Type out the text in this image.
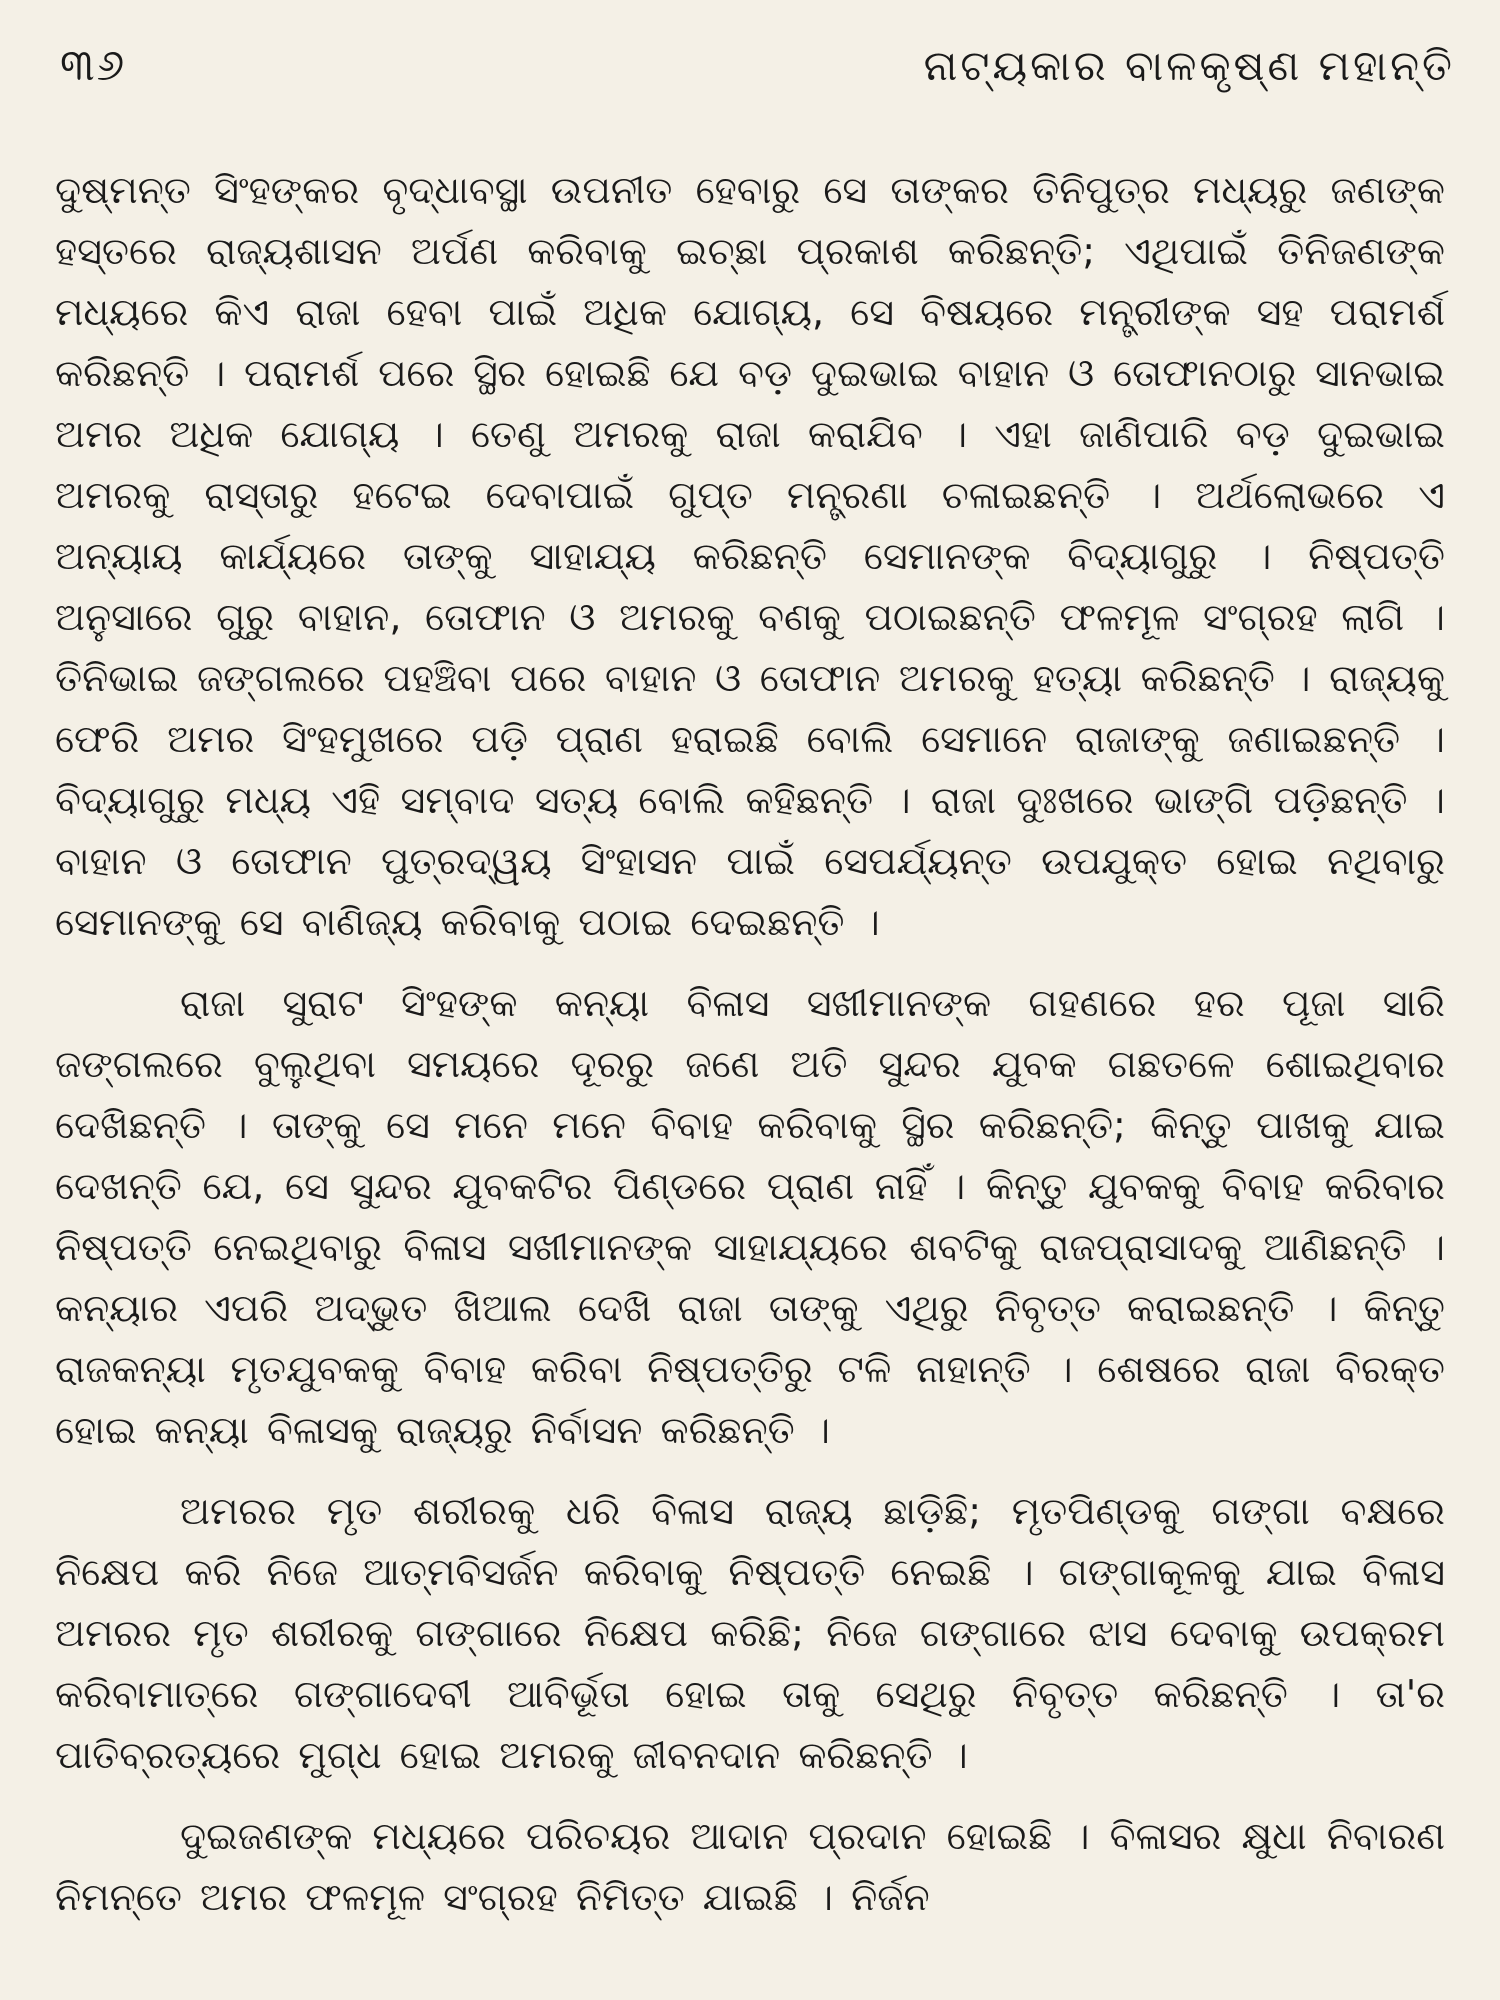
୩୬	ନାଟ୍ୟକାର ବାଳକୃଷ୍ଣ ମହାନ୍ତି

ଦୁଷ୍ମନ୍ତ ସିଂହଙ୍କର ବୃଦ୍ଧାବସ୍ଥା ଉପନୀତ ହେବାରୁ ସେ ତାଙ୍କର ତିନିପୁତ୍ର ମଧ୍ୟରୁ ଜଣଙ୍କ ହସ୍ତରେ ରାଜ୍ୟଶାସନ ଅର୍ପଣ କରିବାକୁ ଇଚ୍ଛା ପ୍ରକାଶ କରିଛନ୍ତି; ଏଥିପାଇଁ ତିନିଜଣଙ୍କ ମଧ୍ୟରେ କିଏ ରାଜା ହେବା ପାଇଁ ଅଧିକ ଯୋଗ୍ୟ, ସେ ବିଷୟରେ ମନ୍ତ୍ରୀଙ୍କ ସହ ପରାମର୍ଶ କରିଛନ୍ତି । ପରାମର୍ଶ ପରେ ସ୍ଥିର ହୋଇଛି ଯେ ବଡ଼ ଦୁଇଭାଇ ବାହାନ ଓ ତୋଫାନଠାରୁ ସାନଭାଇ ଅମର ଅଧିକ ଯୋଗ୍ୟ । ତେଣୁ ଅମରକୁ ରାଜା କରାଯିବ । ଏହା ଜାଣିପାରି ବଡ଼ ଦୁଇଭାଇ ଅମରକୁ ରାସ୍ତାରୁ ହଟେଇ ଦେବାପାଇଁ ଗୁପ୍ତ ମନ୍ତ୍ରଣା ଚଳାଇଛନ୍ତି । ଅର୍ଥଲୋଭରେ ଏ ଅନ୍ୟାୟ କାର୍ଯ୍ୟରେ ତାଙ୍କୁ ସାହାଯ୍ୟ କରିଛନ୍ତି ସେମାନଙ୍କ ବିଦ୍ୟାଗୁରୁ । ନିଷ୍ପତ୍ତି ଅନୁସାରେ ଗୁରୁ ବାହାନ, ତୋଫାନ ଓ ଅମରକୁ ବଣକୁ ପଠାଇଛନ୍ତି ଫଳମୂଳ ସଂଗ୍ରହ ଲାଗି । ତିନିଭାଇ ଜଙ୍ଗଲରେ ପହଞ୍ଚିବା ପରେ ବାହାନ ଓ ତୋଫାନ ଅମରକୁ ହତ୍ୟା କରିଛନ୍ତି । ରାଜ୍ୟକୁ ଫେରି ଅମର ସିଂହମୁଖରେ ପଡ଼ି ପ୍ରାଣ ହରାଇଛି ବୋଲି ସେମାନେ ରାଜାଙ୍କୁ ଜଣାଇଛନ୍ତି । ବିଦ୍ୟାଗୁରୁ ମଧ୍ୟ ଏହି ସମ୍ବାଦ ସତ୍ୟ ବୋଲି କହିଛନ୍ତି । ରାଜା ଦୁଃଖରେ ଭାଙ୍ଗି ପଡ଼ିଛନ୍ତି । ବାହାନ ଓ ତୋଫାନ ପୁତ୍ରଦ୍ୱୟ ସିଂହାସନ ପାଇଁ ସେପର୍ଯ୍ୟନ୍ତ ଉପଯୁକ୍ତ ହୋଇ ନଥିବାରୁ ସେମାନଙ୍କୁ ସେ ବାଣିଜ୍ୟ କରିବାକୁ ପଠାଇ ଦେଇଛନ୍ତି ।

ରାଜା ସୁରାଟ ସିଂହଙ୍କ କନ୍ୟା ବିଳାସ ସଖୀମାନଙ୍କ ଗହଣରେ ହର ପୂଜା ସାରି ଜଙ୍ଗଲରେ ବୁଲୁଥିବା ସମୟରେ ଦୂରରୁ ଜଣେ ଅତି ସୁନ୍ଦର ଯୁବକ ଗଛତଳେ ଶୋଇଥିବାର ଦେଖିଛନ୍ତି । ତାଙ୍କୁ ସେ ମନେ ମନେ ବିବାହ କରିବାକୁ ସ୍ଥିର କରିଛନ୍ତି; କିନ୍ତୁ ପାଖକୁ ଯାଇ ଦେଖନ୍ତି ଯେ, ସେ ସୁନ୍ଦର ଯୁବକଟିର ପିଣ୍ଡରେ ପ୍ରାଣ ନାହିଁ । କିନ୍ତୁ ଯୁବକକୁ ବିବାହ କରିବାର ନିଷ୍ପତ୍ତି ନେଇଥିବାରୁ ବିଳାସ ସଖୀମାନଙ୍କ ସାହାଯ୍ୟରେ ଶବଟିକୁ ରାଜପ୍ରାସାଦକୁ ଆଣିଛନ୍ତି । କନ୍ୟାର ଏପରି ଅଦ୍ଭୁତ ଖିଆଲ ଦେଖି ରାଜା ତାଙ୍କୁ ଏଥିରୁ ନିବୃତ୍ତ କରାଇଛନ୍ତି । କିନ୍ତୁ ରାଜକନ୍ୟା ମୃତଯୁବକକୁ ବିବାହ କରିବା ନିଷ୍ପତ୍ତିରୁ ଟଳି ନାହାନ୍ତି । ଶେଷରେ ରାଜା ବିରକ୍ତ ହୋଇ କନ୍ୟା ବିଳାସକୁ ରାଜ୍ୟରୁ ନିର୍ବାସନ କରିଛନ୍ତି ।

ଅମରର ମୃତ ଶରୀରକୁ ଧରି ବିଳାସ ରାଜ୍ୟ ଛାଡ଼ିଛି; ମୃତପିଣ୍ଡକୁ ଗଙ୍ଗା ବକ୍ଷରେ ନିକ୍ଷେପ କରି ନିଜେ ଆତ୍ମବିସର୍ଜନ କରିବାକୁ ନିଷ୍ପତ୍ତି ନେଇଛି । ଗଙ୍ଗାକୂଳକୁ ଯାଇ ବିଳାସ ଅମରର ମୃତ ଶରୀରକୁ ଗଙ୍ଗାରେ ନିକ୍ଷେପ କରିଛି; ନିଜେ ଗଙ୍ଗାରେ ଝାସ ଦେବାକୁ ଉପକ୍ରମ କରିବାମାତ୍ରେ ଗଙ୍ଗାଦେବୀ ଆବିର୍ଭୂତା ହୋଇ ତାକୁ ସେଥିରୁ ନିବୃତ୍ତ କରିଛନ୍ତି । ତା'ର ପାତିବ୍ରତ୍ୟରେ ମୁଗ୍ଧ ହୋଇ ଅମରକୁ ଜୀବନଦାନ କରିଛନ୍ତି ।

ଦୁଇଜଣଙ୍କ ମଧ୍ୟରେ ପରିଚୟର ଆଦାନ ପ୍ରଦାନ ହୋଇଛି । ବିଳାସର କ୍ଷୁଧା ନିବାରଣ ନିମନ୍ତେ ଅମର ଫଳମୂଳ ସଂଗ୍ରହ ନିମିତ୍ତ ଯାଇଛି । ନିର୍ଜନ
